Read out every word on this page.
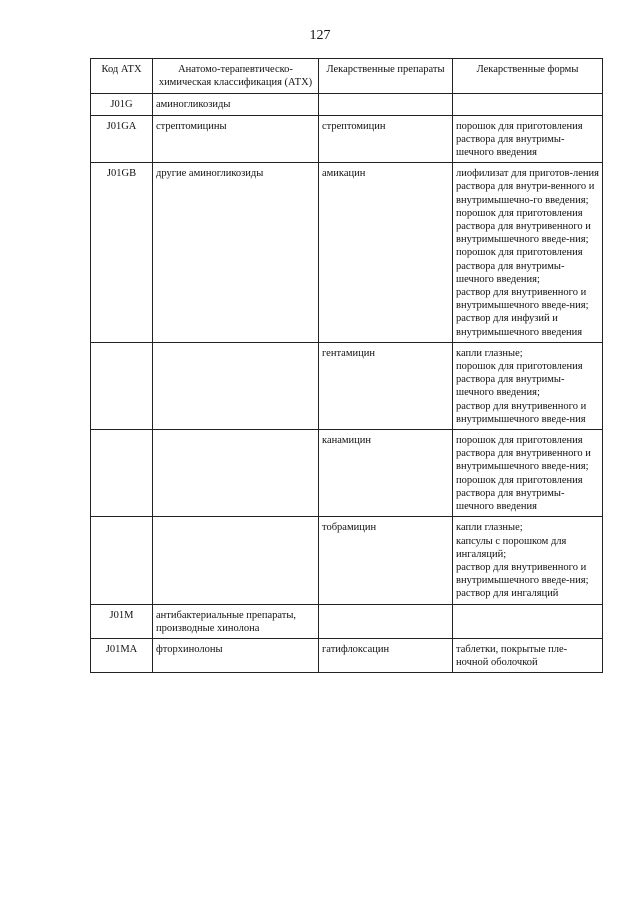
127
Код АТХ	Анатомо-терапевтическо-химическая классификация (АТХ)	Лекарственные препараты	Лекарственные формы
J01G	аминогликозиды		
J01GA	стрептомицины	стрептомицин	порошок для приготовления раствора для внутримы-шечного введения

J01GB	другие аминогликозиды	амикацин	лиофилизат для приготов-ления раствора для внутри-венного и внутримышечно-го введения;
порошок для приготовления раствора для внутривенного и внутримышечного введе-ния;
порошок для приготовления раствора для внутримы-шечного введения;
раствор для внутривенного и внутримышечного введе-ния;
раствор для инфузий и внутримышечного введения

		гентамицин	капли глазные;
порошок для приготовления раствора для внутримы-шечного введения;
раствор для внутривенного и внутримышечного введе-ния

		канамицин	порошок для приготовления раствора для внутривенного и внутримышечного введе-ния;
порошок для приготовления раствора для внутримы-шечного введения

		тобрамицин	капли глазные;
капсулы с порошком для ингаляций;
раствор для внутривенного и внутримышечного введе-ния;
раствор для ингаляций

J01M	антибактериальные препараты, производные хинолона		
J01MA	фторхинолоны	гатифлоксацин	таблетки, покрытые пле-ночной оболочкой
